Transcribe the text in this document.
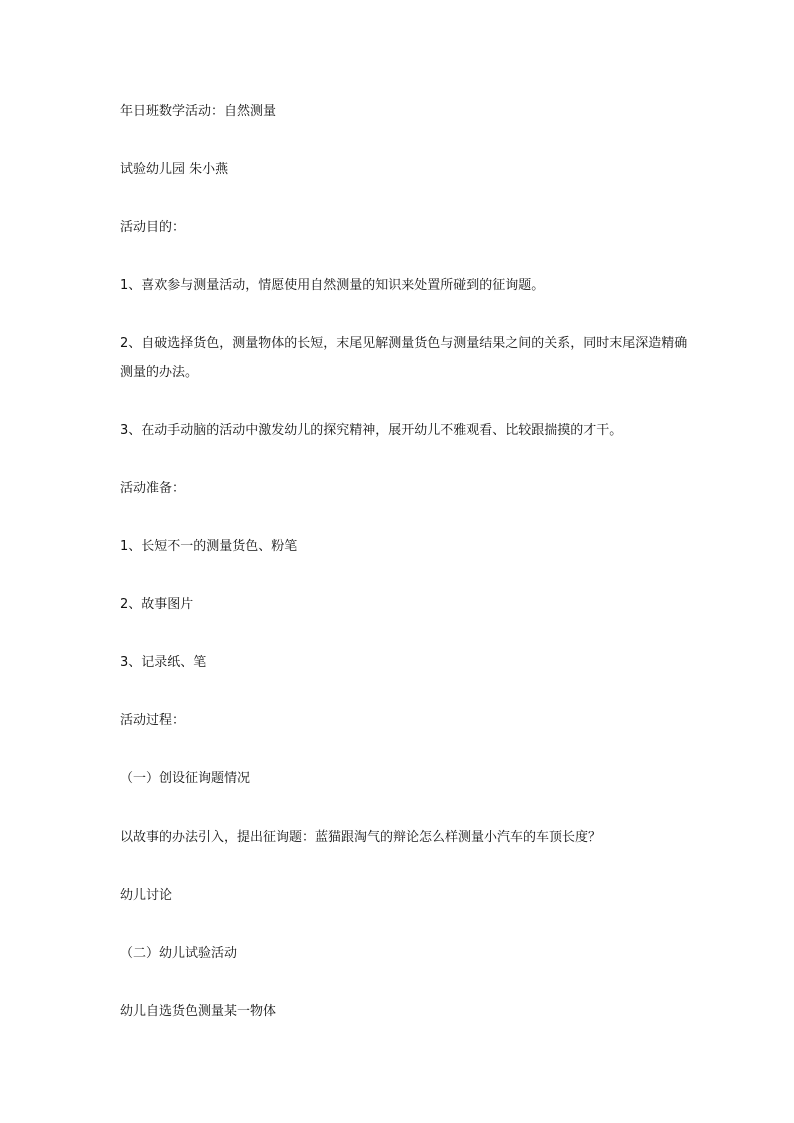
年日班数学活动：自然测量
试验幼儿园 朱小燕
活动目的：
1、喜欢参与测量活动，情愿使用自然测量的知识来处置所碰到的征询题。
2、自破选择货色，测量物体的长短，末尾见解测量货色与测量结果之间的关系，同时末尾深造精确测量的办法。
3、在动手动脑的活动中激发幼儿的探究精神，展开幼儿不雅观看、比较跟揣摸的才干。
活动准备：
1、长短不一的测量货色、粉笔
2、故事图片
3、记录纸、笔
活动过程：
（一）创设征询题情况
以故事的办法引入，提出征询题：蓝猫跟淘气的辩论怎么样测量小汽车的车顶长度？
幼儿讨论
（二）幼儿试验活动
幼儿自选货色测量某一物体
